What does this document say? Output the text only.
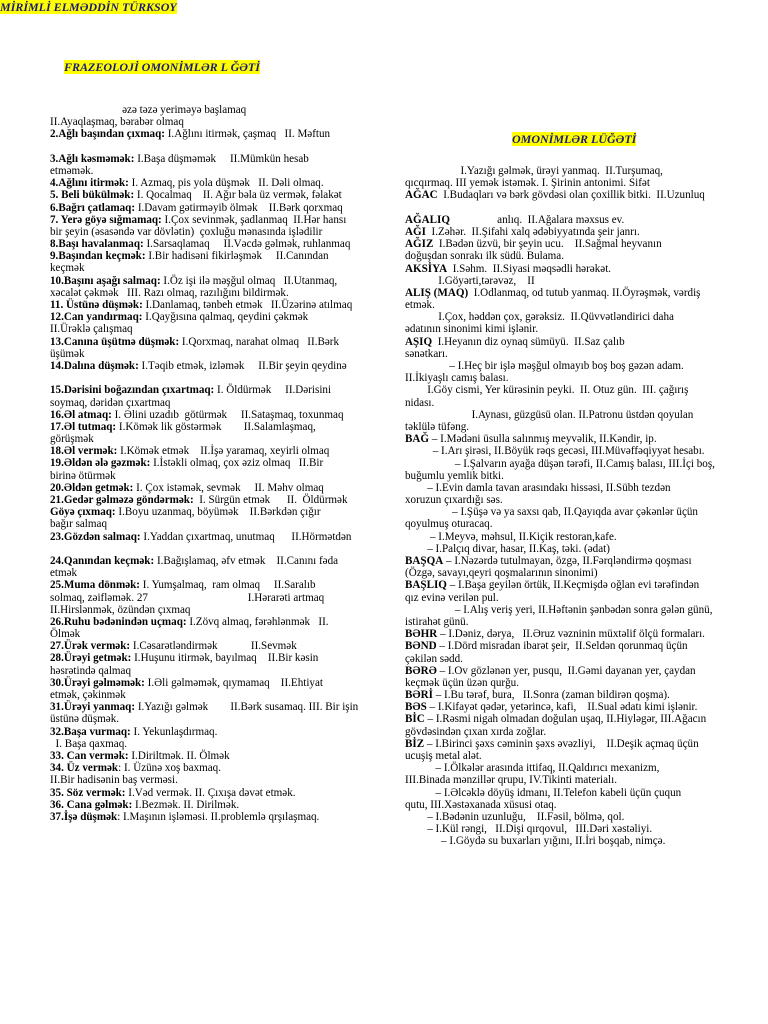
MİRİMLİ ELMƏDDİN TÜRKSOY
FRAZEOLOJİ OMONİMLƏR L ĞƏTİ
OMONİMLƏR LÜĞƏTİ
əzə təzə yeriməyə başlamaq
II.Ayaqlaşmaq, bərabər olmaq
2.Ağlı başından çıxmaq: I.Ağlını itirmək, çaşmaq   II. Məftun
3.Ağlı kəsməmək: I.Başa düşməmək     II.Mümkün hesab
etməmək.
4.Ağlını itirmək: I. Azmaq, pis yola düşmək   II. Dəli olmaq.
5. Beli bükülmək: I. Qocalmaq    II. Ağır bəla üz vermək, fəlakət
6.Bağrı çatlamaq: I.Davam gətirməyib ölmək    II.Bərk qorxmaq
7. Yerə göyə sığmamaq: I.Çox sevinmək, şadlanmaq  II.Hər hansı
bir şeyin (əsasəndə var dövlətin)  çoxluğu mənasında işlədilir
8.Başı havalanmaq: I.Sarsaqlamaq     II.Vəcdə gəlmək, ruhlanmaq
9.Başından keçmək: I.Bir hadisəni fikirləşmək     II.Canından
keçmək
10.Başını aşağı salmaq: I.Öz işi ilə məşğul olmaq   II.Utanmaq,
xəcalət çəkmək   III. Razı olmaq, razılığını bildirmək.
11. Üstünə düşmək: I.Danlamaq, tənbeh etmək   II.Üzərinə atılmaq
12.Can yandırmaq: I.Qayğısına qalmaq, qeydini çəkmək
II.Ürəklə çalışmaq
13.Canına üşütmə düşmək: I.Qorxmaq, narahat olmaq   II.Bərk
üşümək
14.Dalına düşmək: I.Təqib etmək, izləmək     II.Bir şeyin qeydinə
15.Dərisini boğazından çıxartmaq: I. Öldürmək     II.Dərisini
soymaq, dəridən çıxartmaq
16.Əl atmaq: I. Əlini uzadıb  götürmək     II.Sataşmaq, toxunmaq
17.Əl tutmaq: I.Kömək lik göstərmək        II.Salamlaşmaq,
görüşmək
18.Əl vermək: I.Kömək etmək    II.İşə yaramaq, xeyirli olmaq
19.Əldən ələ gəzmək: I.İstəkli olmaq, çox əziz olmaq   II.Bir
birinə ötürmək
20.Əldən getmək: I. Çox istəmək, sevmək     II. Məhv olmaq
21.Gedər gəlməzə göndərmək:  I. Sürgün etmək      II.  Öldürmək
Göyə çıxmaq: I.Boyu uzanmaq, böyümək    II.Bərkdən çığır
bağır salmaq
23.Gözdən salmaq: I.Yaddan çıxartmaq, unutmaq      II.Hörmətdən
24.Qanından keçmək: I.Bağışlamaq, əfv etmək    II.Canını fəda
etmək
25.Muma dönmək: I. Yumşalmaq,  ram olmaq     II.Saralıb
solmaq, zəifləmək. 27                                    I.Hərarəti artmaq
II.Hirslənmək, özündən çıxmaq
26.Ruhu bədənindən uçmaq: I.Zövq almaq, fərəhlənmək   II.
Ölmək
27.Ürək vermək: I.Cəsarətləndirmək            II.Sevmək
28.Ürəyi getmək: I.Huşunu itirmək, bayılmaq    II.Bir kəsin
həsrətində qalmaq
30.Ürəyi gəlməmək: I.Əli gəlməmək, qıymamaq    II.Ehtiyat
etmək, çəkinmək
31.Ürəyi yanmaq: I.Yazığı gəlmək        II.Bərk susamaq. III. Bir işin
üstünə düşmək.
32.Başa vurmaq: I. Yekunlaşdırmaq.
I. Başa qaxmaq.
33. Can vermək: I.Diriltmək. II. Ölmək
34. Üz vermək: I. Üzünə xoş baxmaq.
II.Bir hadisənin baş verməsi.
35. Söz vermək: I.Vəd vermək. II. Çıxışa dəvət etmək.
36. Cana gəlmək: I.Bezmək. II. Dirilmək.
37.İşə düşmək: I.Maşının işləməsi. II.problemlə qrşılaşmaq.
I.Yazığı gəlmək, ürəyi yanmaq.  II.Turşumaq,
qıcqırmaq. III yemək istəmək. I. Şirinin antonimi. Sifət
AĞAC  I.Budaqları və bərk gövdəsi olan çoxillik bitki.  II.Uzunluq
AĞALIQ                 anlıq.  II.Ağalara məxsus ev.
AĞI  I.Zəhər.  II.Şifahi xalq ədəbiyyatında şeir janrı.
AĞIZ  I.Bədən üzvü, bir şeyin ucu.    II.Sağmal heyvanın
doğuşdan sonrakı ilk südü. Bulama.
AKSİYA  I.Səhm.  II.Siyasi məqsədli hərəkət.
I.Göyərti,tərəvəz,    II
ALIŞ (MAQ)  I.Odlanmaq, od tutub yanmaq. II.Öyrəşmək, vərdiş
etmək.
I.Çox, həddən çox, gərəksiz.  II.Qüvvətləndirici daha
ədatının sinonimi kimi işlənir.
AŞIQ  I.Heyanın diz oynaq sümüyü.  II.Saz çalıb
sənətkarı.
– I.Heç bir işlə məşğul olmayıb boş boş gəzən adam.
II.İkiyaşlı camış balası.
I.Göy cismi, Yer kürəsinin peyki.  II. Otuz gün.  III. çağırış
nidası.
I.Aynası, güzgüsü olan. II.Patronu üstdən qoyulan
təklülə tüfəng.
BAĞ – I.Mədəni üsulla salınmış meyvəlik, II.Kəndir, ip.
– I.Arı şirəsi, II.Böyük rəqs gecəsi, III.Müvəffəqiyyət hesabı.
– I.Şalvarın ayağa düşən tərəfi, II.Camış balası, III.İçi boş,
buğumlu yemlik bitki.
– I.Evin damla tavan arasındakı hissəsi, II.Sübh tezdən
xoruzun çıxardığı səs.
– I.Şüşə və ya saxsı qab, II.Qayıqda avar çəkənlər üçün
qoyulmuş oturacaq.
– I.Meyvə, məhsul, II.Kiçik restoran,kafe.
– I.Palçıq divar, hasar, II.Kaş, təki. (ədat)
BAŞQA – I.Nəzərdə tutulmayan, özgə, II.Fərqləndirmə qoşması
(Özgə, savayı,qeyri qoşmalarının sinonimi)
BAŞLIQ – I.Başa geyilən örtük, II.Keçmişdə oğlan evi tərəfindən
qız evinə verilən pul.
– I.Alış veriş yeri, II.Həftənin şənbədən sonra gələn günü,
istirahət günü.
BƏHR – I.Dəniz, dərya,   II.Əruz vəzninin müxtəlif ölçü formaları.
BƏND – I.Dörd misradan ibarət şeir,  II.Seldən qorunmaq üçün
çəkilən sədd.
BƏRƏ – I.Ov gözlənən yer, pusqu,  II.Gəmi dayanan yer, çaydan
keçmək üçün üzən qurğu.
BƏRİ – I.Bu tərəf, bura,   II.Sonra (zaman bildirən qoşma).
BƏS – I.Kifayət qədər, yetərincə, kafi,    II.Sual ədatı kimi işlənir.
BİC – I.Rəsmi nigah olmadan doğulan uşaq, II.Hiyləgər, III.Ağacın
gövdəsindən çıxan xırda zoğlar.
BİZ – I.Birinci şəxs cəminin şəxs əvəzliyi,    II.Deşik açmaq üçün
ucuşiş metal alət.
– I.Ölkələr arasında ittifaq, II.Qaldırıcı mexanizm,
III.Binada mənzillər qrupu, IV.Tikinti materialı.
– I.Əlcəklə döyüş idmanı, II.Telefon kabeli üçün çuqun
qutu, III.Xəstəxanada xüsusi otaq.
– I.Bədənin uzunluğu,    II.Fəsil, bölmə, qol.
– I.Kül rəngi,   II.Dişi qırqovul,   III.Dəri xəstəliyi.
– I.Göydə su buxarları yığını, II.İri boşqab, nimçə.
